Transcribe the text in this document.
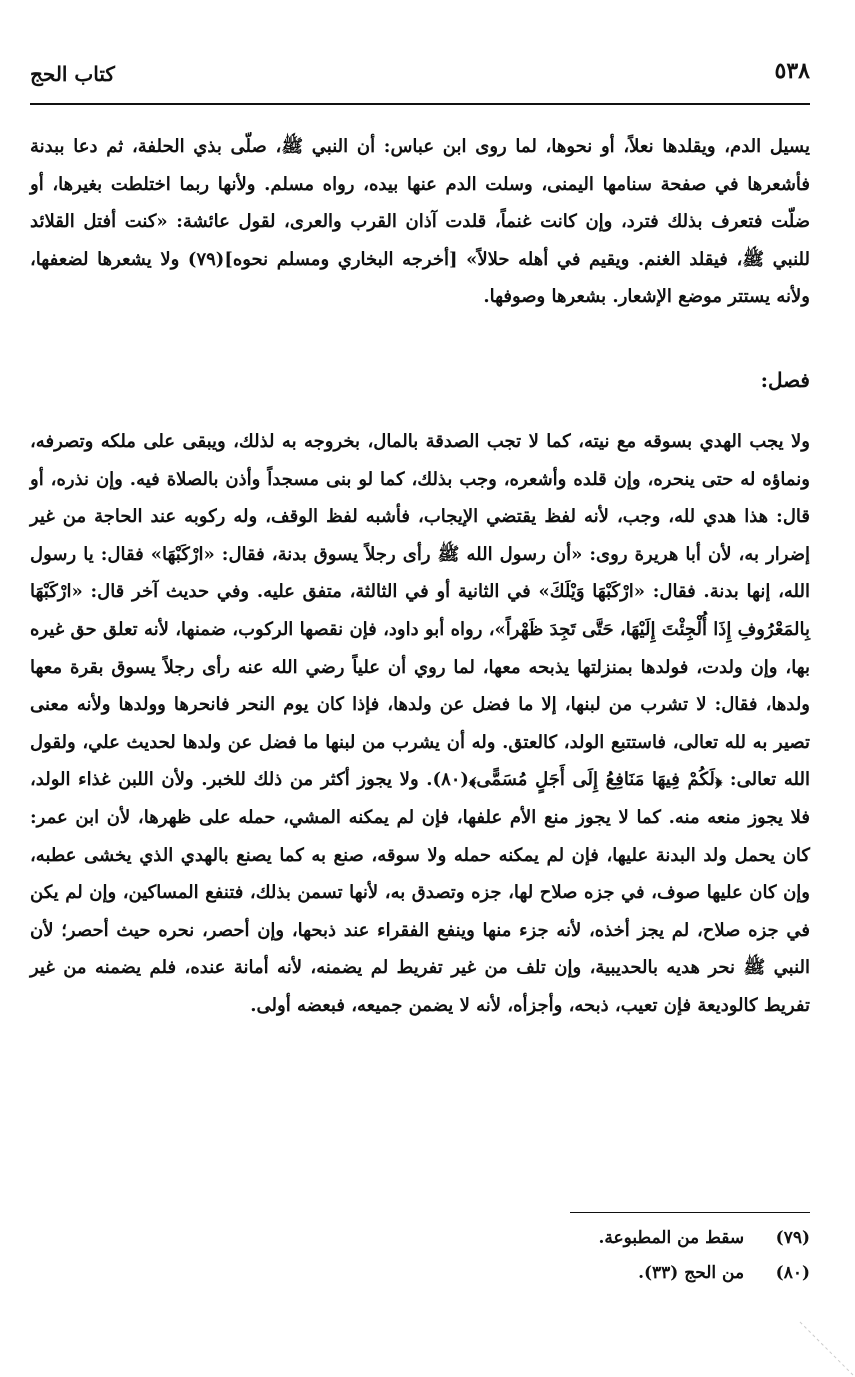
كتاب الحج	٥٣٨
يسيل الدم، ويقلدها نعلاً، أو نحوها، لما روى ابن عباس: أن النبي ﷺ، صلّى بذي الحلفة، ثم دعا ببدنة فأشعرها في صفحة سنامها اليمنى، وسلت الدم عنها بيده، رواه مسلم. ولأنها ربما اختلطت بغيرها، أو ضلّت فتعرف بذلك فترد، وإن كانت غنماً، قلدت آذان القرب والعرى، لقول عائشة: «كنت أفتل القلائد للنبي ﷺ، فيقلد الغنم. ويقيم في أهله حلالاً» [أخرجه البخاري ومسلم نحوه](٧٩) ولا يشعرها لضعفها، ولأنه يستتر موضع الإشعار. بشعرها وصوفها.
فصل:
ولا يجب الهدي بسوقه مع نيته، كما لا تجب الصدقة بالمال، بخروجه به لذلك، ويبقى على ملكه وتصرفه، ونماؤه له حتى ينحره، وإن قلده وأشعره، وجب بذلك، كما لو بنى مسجداً وأذن بالصلاة فيه. وإن نذره، أو قال: هذا هدي لله، وجب، لأنه لفظ يقتضي الإيجاب، فأشبه لفظ الوقف، وله ركوبه عند الحاجة من غير إضرار به، لأن أبا هريرة روى: «أن رسول الله ﷺ رأى رجلاً يسوق بدنة، فقال: «ارْكَبْهَا» فقال: يا رسول الله، إنها بدنة. فقال: «ارْكَبْهَا وَيْلَكَ» في الثانية أو في الثالثة، متفق عليه. وفي حديث آخر قال: «ارْكَبْهَا بِالمَعْرُوفِ إِذَا أُلْجِئْتَ إِلَيْهَا، حَتَّى تَجِدَ ظَهْراً»، رواه أبو داود، فإن نقصها الركوب، ضمنها، لأنه تعلق حق غيره بها، وإن ولدت، فولدها بمنزلتها يذبحه معها، لما روي أن علياً رضي الله عنه رأى رجلاً يسوق بقرة معها ولدها، فقال: لا تشرب من لبنها، إلا ما فضل عن ولدها، فإذا كان يوم النحر فانحرها وولدها ولأنه معنى تصير به لله تعالى، فاستتبع الولد، كالعتق. وله أن يشرب من لبنها ما فضل عن ولدها لحديث علي، ولقول الله تعالى: ﴿لَكُمْ فِيهَا مَنَافِعُ إِلَى أَجَلٍ مُسَمًّى﴾(٨٠). ولا يجوز أكثر من ذلك للخبر. ولأن اللبن غذاء الولد، فلا يجوز منعه منه. كما لا يجوز منع الأم علفها، فإن لم يمكنه المشي، حمله على ظهرها، لأن ابن عمر: كان يحمل ولد البدنة عليها، فإن لم يمكنه حمله ولا سوقه، صنع به كما يصنع بالهدي الذي يخشى عطبه، وإن كان عليها صوف، في جزه صلاح لها، جزه وتصدق به، لأنها تسمن بذلك، فتنفع المساكين، وإن لم يكن في جزه صلاح، لم يجز أخذه، لأنه جزء منها وينفع الفقراء عند ذبحها، وإن أحصر، نحره حيث أحصر؛ لأن النبي ﷺ نحر هديه بالحديبية، وإن تلف من غير تفريط لم يضمنه، لأنه أمانة عنده، فلم يضمنه من غير تفريط كالوديعة فإن تعيب، ذبحه، وأجزأه، لأنه لا يضمن جميعه، فبعضه أولى.
(٧٩) سقط من المطبوعة.
(٨٠) من الحج (٣٣).
